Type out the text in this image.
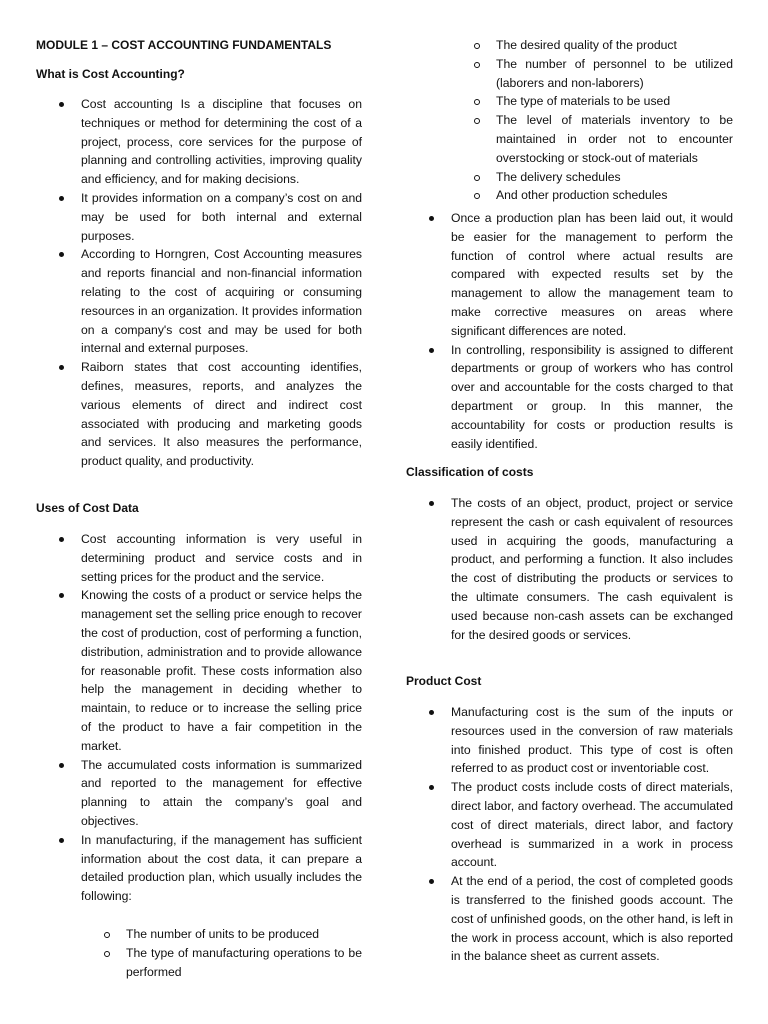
MODULE 1 – COST ACCOUNTING FUNDAMENTALS
What is Cost Accounting?
Cost accounting Is a discipline that focuses on techniques or method for determining the cost of a project, process, core services for the purpose of planning and controlling activities, improving quality and efficiency, and for making decisions.
It provides information on a company’s cost on and may be used for both internal and external purposes.
According to Horngren, Cost Accounting measures and reports financial and non-financial information relating to the cost of acquiring or consuming resources in an organization. It provides information on a company's cost and may be used for both internal and external purposes.
Raiborn states that cost accounting identifies, defines, measures, reports, and analyzes the various elements of direct and indirect cost associated with producing and marketing goods and services. It also measures the performance, product quality, and productivity.
Uses of Cost Data
Cost accounting information is very useful in determining product and service costs and in setting prices for the product and the service.
Knowing the costs of a product or service helps the management set the selling price enough to recover the cost of production, cost of performing a function, distribution, administration and to provide allowance for reasonable profit. These costs information also help the management in deciding whether to maintain, to reduce or to increase the selling price of the product to have a fair competition in the market.
The accumulated costs information is summarized and reported to the management for effective planning to attain the company’s goal and objectives.
In manufacturing, if the management has sufficient information about the cost data, it can prepare a detailed production plan, which usually includes the following:
The number of units to be produced
The type of manufacturing operations to be performed
The desired quality of the product
The number of personnel to be utilized (laborers and non-laborers)
The type of materials to be used
The level of materials inventory to be maintained in order not to encounter overstocking or stock-out of materials
The delivery schedules
And other production schedules
Once a production plan has been laid out, it would be easier for the management to perform the function of control where actual results are compared with expected results set by the management to allow the management team to make corrective measures on areas where significant differences are noted.
In controlling, responsibility is assigned to different departments or group of workers who has control over and accountable for the costs charged to that department or group. In this manner, the accountability for costs or production results is easily identified.
Classification of costs
The costs of an object, product, project or service represent the cash or cash equivalent of resources used in acquiring the goods, manufacturing a product, and performing a function. It also includes the cost of distributing the products or services to the ultimate consumers. The cash equivalent is used because non-cash assets can be exchanged for the desired goods or services.
Product Cost
Manufacturing cost is the sum of the inputs or resources used in the conversion of raw materials into finished product. This type of cost is often referred to as product cost or inventoriable cost.
The product costs include costs of direct materials, direct labor, and factory overhead. The accumulated cost of direct materials, direct labor, and factory overhead is summarized in a work in process account.
At the end of a period, the cost of completed goods is transferred to the finished goods account. The cost of unfinished goods, on the other hand, is left in the work in process account, which is also reported in the balance sheet as current assets.
